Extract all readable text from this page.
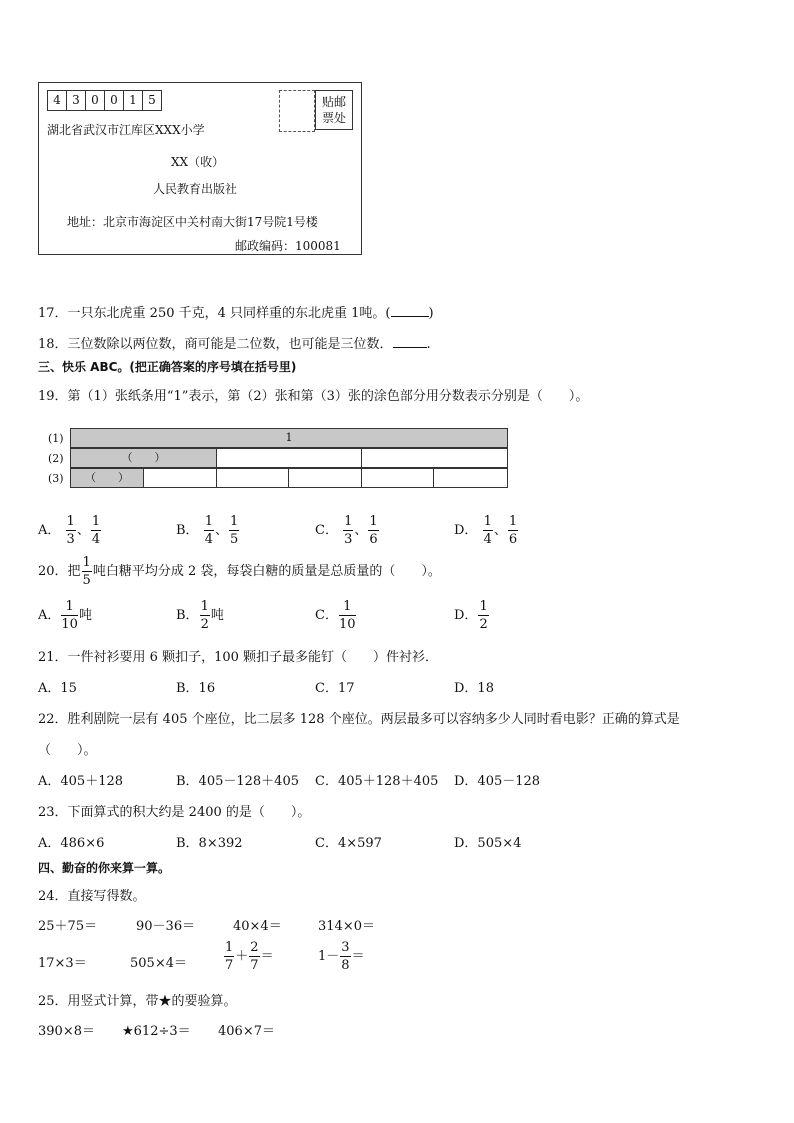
4 3 0 0 1 5	贴邮
票处
湖北省武汉市江库区XXX小学
XX（收）
人民教育出版社
地址：北京市海淀区中关村南大街17号院1号楼
邮政编码：100081
17．一只东北虎重 250 千克，4 只同样重的东北虎重 1吨。(	)
18．三位数除以两位数，商可能是二位数，也可能是三位数．	.
三、快乐 ABC。(把正确答案的序号填在括号里)
19．第（1）张纸条用“1”表示，第（2）张和第（3）张的涂色部分用分数表示分别是（　　）。
(1)
(2)
(3)
1
（　　）
（　　）
A． $\frac{1}{3}$ 、 $\frac{1}{4}$	B． $\frac{1}{4}$ 、 $\frac{1}{5}$	C． $\frac{1}{3}$ 、 $\frac{1}{6}$	D． $\frac{1}{4}$ 、 $\frac{1}{6}$
20．把 $\frac{1}{5}$ 吨白糖平均分成 2 袋，每袋白糖的质量是总质量的（　　）。
A． $\frac{1}{10}$ 吨	B． $\frac{1}{2}$ 吨	C． $\frac{1}{10}$	D． $\frac{1}{2}$
21．一件衬衫要用 6 颗扣子，100 颗扣子最多能钉（　　）件衬衫．
A．15	B．16	C．17	D．18
22．胜利剧院一层有 405 个座位，比二层多 128 个座位。两层最多可以容纳多少人同时看电影？正确的算式是
（　　）。
A．405＋128	B．405－128＋405	C．405＋128＋405	D．405－128
23．下面算式的积大约是 2400 的是（　　）。
A．486×6	B．8×392	C．4×597	D．505×4
四、勤奋的你来算一算。
24．直接写得数。
25＋75＝	90－36＝	40×4＝	314×0＝
17×3＝	505×4＝	$\frac{1}{7} + \frac{2}{7}$ ＝	$1- \frac{3}{8}$ ＝
25．用竖式计算，带★的要验算。
390×8＝ ★612÷3＝ 406×7＝
